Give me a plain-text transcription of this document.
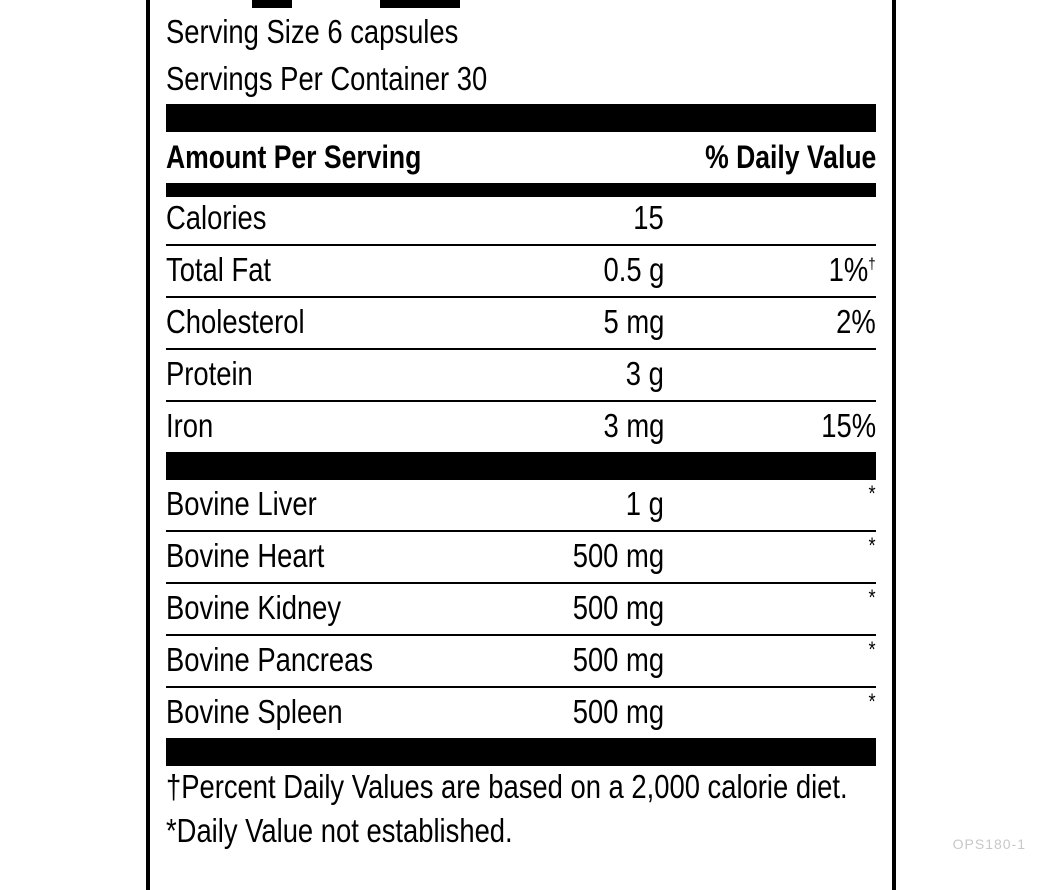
Serving Size 6 capsules
Servings Per Container 30
Amount Per Serving	% Daily Value
Calories	15
Total Fat	0.5 g	1%†
Cholesterol	5 mg	2%
Protein	3 g
Iron	3 mg	15%
Bovine Liver	1 g	*
Bovine Heart	500 mg	*
Bovine Kidney	500 mg	*
Bovine Pancreas	500 mg	*
Bovine Spleen	500 mg	*
†Percent Daily Values are based on a 2,000 calorie diet.
*Daily Value not established.	OPS180-1
